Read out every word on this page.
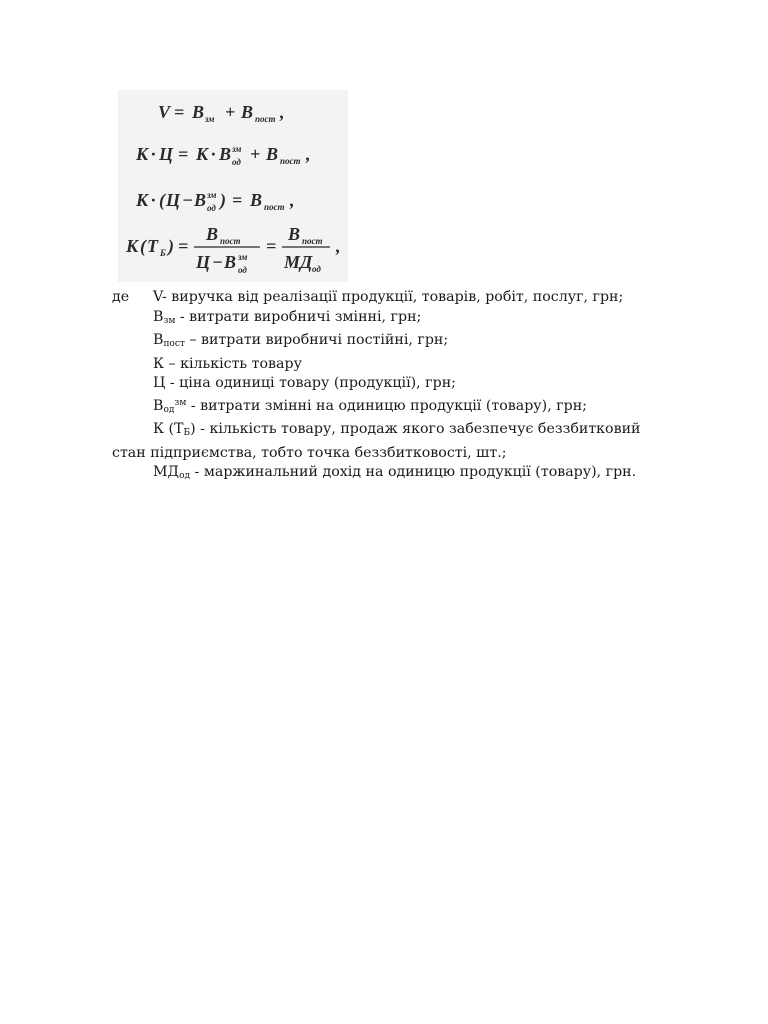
V = В зм + В пост ,
К · Ц = К · В зм
од + В пост ,
К · ( Ц − В зм
од ) = В пост ,
К ( Т Б ) =
В пост
Ц − В зм
од
=
В пост
МД од
,
де V- виручка від реалізації продукції, товарів, робіт, послуг, грн;
$В_{зм}$ - витрати виробничі змінні, грн;
$В_{пост}$ – витрати виробничі постійні, грн;
К – кількість товару
Ц - ціна одиниці товару (продукції), грн;
$В_{од}^{зм}$ - витрати змінні на одиницю продукції (товару), грн;
К $(Т_Б)$ - кількість товару, продаж якого забезпечує беззбитковий
стан підприємства, тобто точка беззбитковості, шт.;
$МД_{од}$ - маржинальний дохід на одиницю продукції (товару), грн.
